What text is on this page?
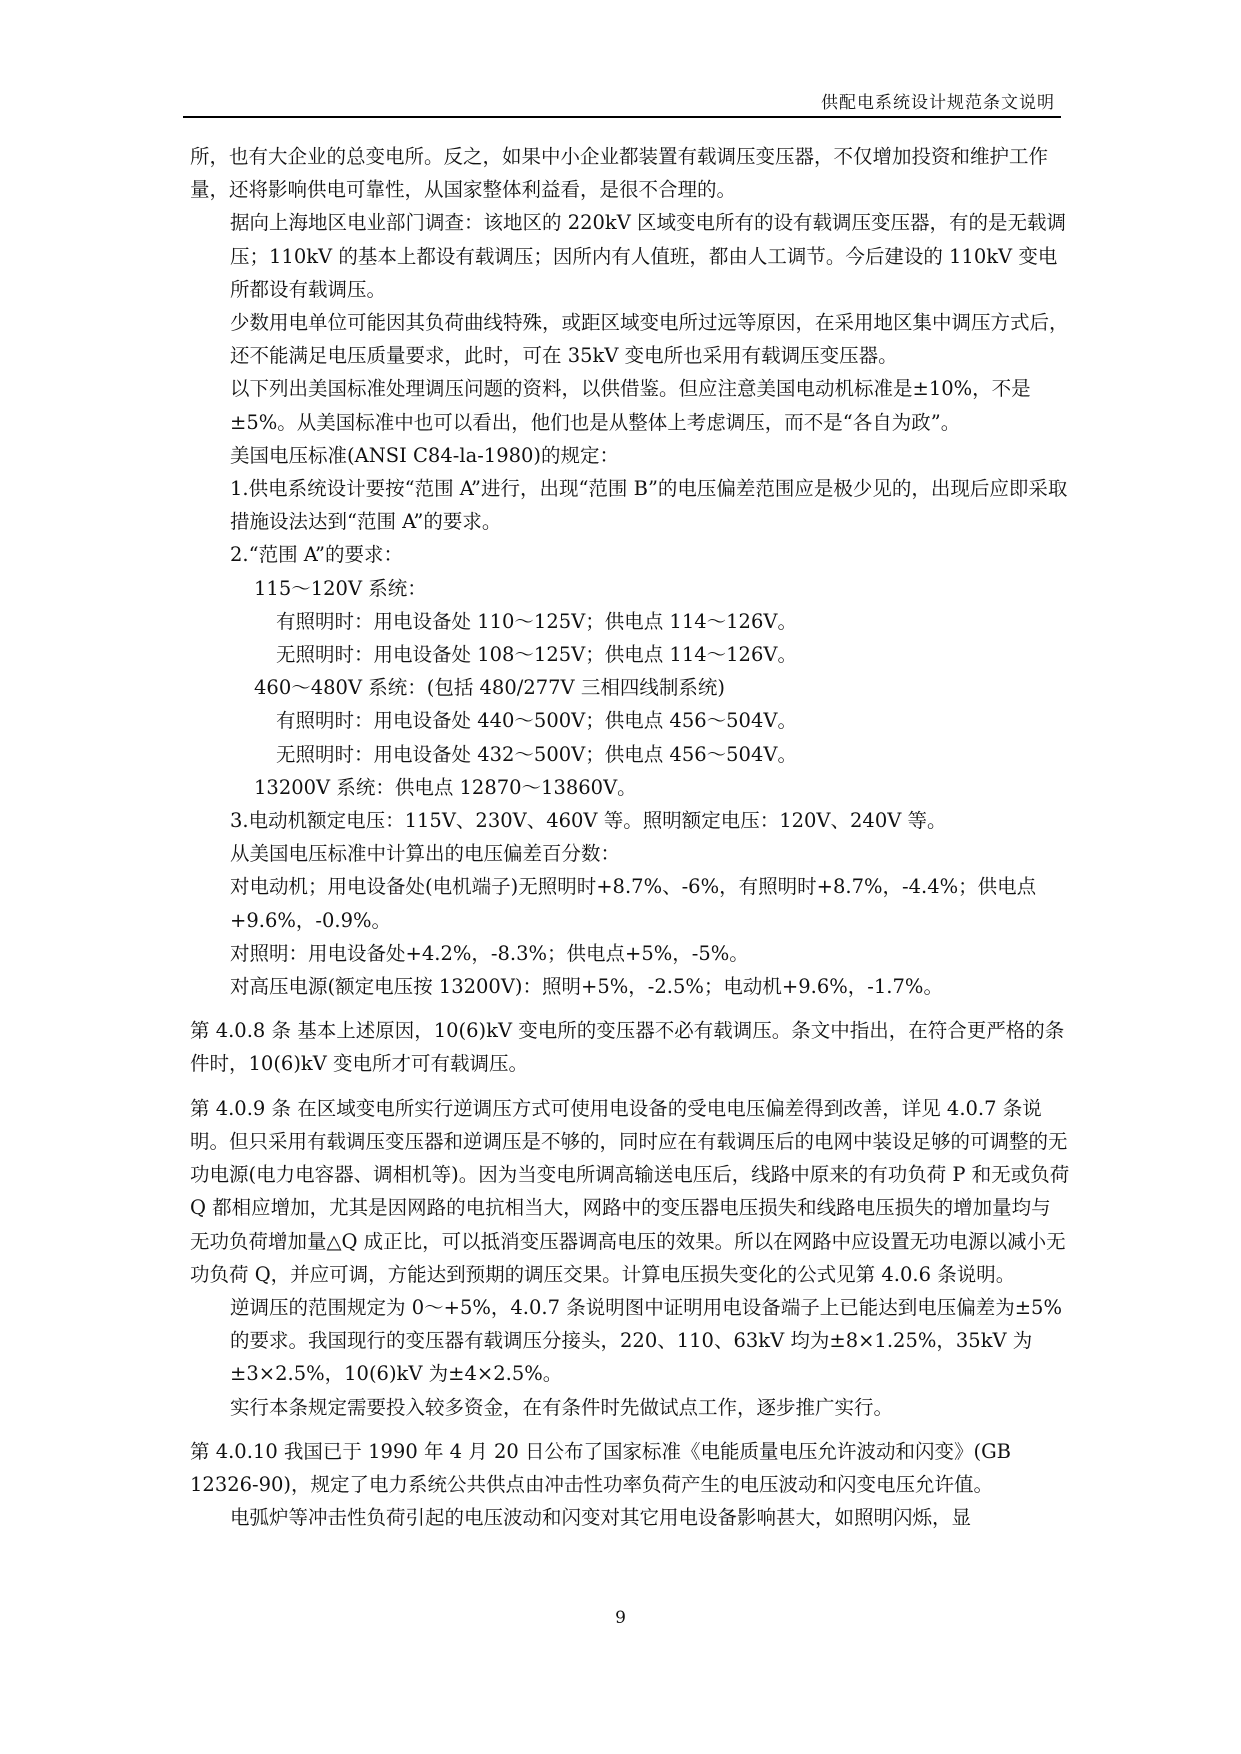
供配电系统设计规范条文说明

所，也有大企业的总变电所。反之，如果中小企业都装置有载调压变压器，不仅增加投资和维护工作量，还将影响供电可靠性，从国家整体利益看，是很不合理的。

据向上海地区电业部门调查：该地区的 220kV 区域变电所有的设有载调压变压器，有的是无载调压；110kV 的基本上都设有载调压；因所内有人值班，都由人工调节。今后建设的 110kV 变电所都设有载调压。

少数用电单位可能因其负荷曲线特殊，或距区域变电所过远等原因，在采用地区集中调压方式后，还不能满足电压质量要求，此时，可在 35kV 变电所也采用有载调压变压器。

以下列出美国标准处理调压问题的资料，以供借鉴。但应注意美国电动机标准是±10%，不是±5%。从美国标准中也可以看出，他们也是从整体上考虑调压，而不是“各自为政”。

美国电压标准(ANSI C84-la-1980)的规定：

1.供电系统设计要按“范围 A”进行，出现“范围 B”的电压偏差范围应是极少见的，出现后应即采取措施设法达到“范围 A”的要求。

2.“范围 A”的要求：

115～120V 系统：

有照明时：用电设备处 110～125V；供电点 114～126V。

无照明时：用电设备处 108～125V；供电点 114～126V。

460～480V 系统：(包括 480/277V 三相四线制系统)

有照明时：用电设备处 440～500V；供电点 456～504V。

无照明时：用电设备处 432～500V；供电点 456～504V。

13200V 系统：供电点 12870～13860V。

3.电动机额定电压：115V、230V、460V 等。照明额定电压：120V、240V 等。

从美国电压标准中计算出的电压偏差百分数：

对电动机；用电设备处(电机端子)无照明时+8.7%、-6%，有照明时+8.7%，-4.4%；供电点+9.6%，-0.9%。

对照明：用电设备处+4.2%，-8.3%；供电点+5%，-5%。

对高压电源(额定电压按 13200V)：照明+5%，-2.5%；电动机+9.6%，-1.7%。

第 4.0.8 条 基本上述原因，10(6)kV 变电所的变压器不必有载调压。条文中指出，在符合更严格的条件时，10(6)kV 变电所才可有载调压。

第 4.0.9 条 在区域变电所实行逆调压方式可使用电设备的受电电压偏差得到改善，详见 4.0.7 条说明。但只采用有载调压变压器和逆调压是不够的，同时应在有载调压后的电网中装设足够的可调整的无功电源(电力电容器、调相机等)。因为当变电所调高输送电压后，线路中原来的有功负荷 P 和无或负荷 Q 都相应增加，尤其是因网路的电抗相当大，网路中的变压器电压损失和线路电压损失的增加量均与无功负荷增加量△Q 成正比，可以抵消变压器调高电压的效果。所以在网路中应设置无功电源以减小无功负荷 Q，并应可调，方能达到预期的调压交果。计算电压损失变化的公式见第 4.0.6 条说明。

逆调压的范围规定为 0～+5%，4.0.7 条说明图中证明用电设备端子上已能达到电压偏差为±5%的要求。我国现行的变压器有载调压分接头，220、110、63kV 均为±8×1.25%，35kV 为±3×2.5%，10(6)kV 为±4×2.5%。

实行本条规定需要投入较多资金，在有条件时先做试点工作，逐步推广实行。

第 4.0.10 我国已于 1990 年 4 月 20 日公布了国家标准《电能质量电压允许波动和闪变》(GB 12326-90)，规定了电力系统公共供点由冲击性功率负荷产生的电压波动和闪变电压允许值。

电弧炉等冲击性负荷引起的电压波动和闪变对其它用电设备影响甚大，如照明闪烁，显

9
